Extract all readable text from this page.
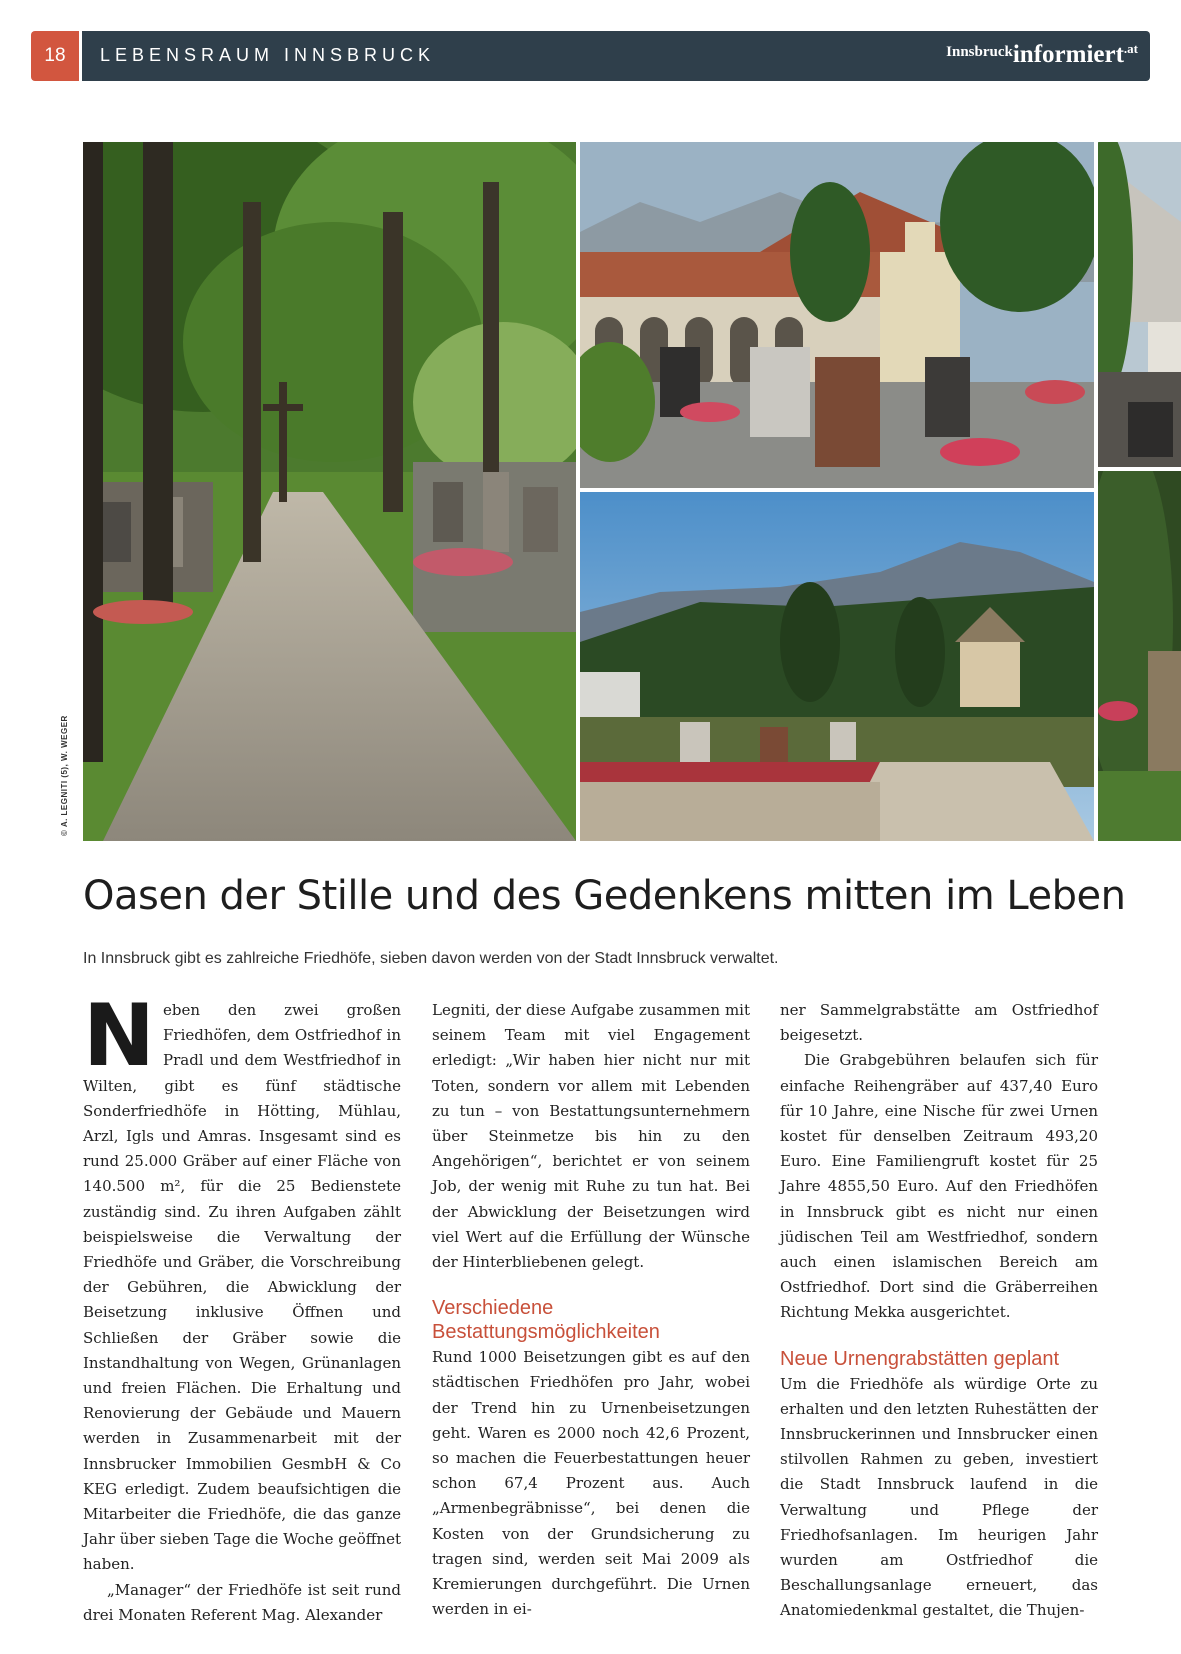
18	LEBENSRAUM INNSBRUCK	Innsbruckinformiert$^{.at}$
© A. LEGNITI (5), W. WEGER
Oasen der Stille und des Gedenkens mitten im Leben

In Innsbruck gibt es zahlreiche Friedhöfe, sieben davon werden von der Stadt Innsbruck verwaltet.

Neben den zwei großen Friedhöfen, dem Ostfriedhof in Pradl und dem Westfriedhof in Wilten, gibt es fünf städtische Sonderfriedhöfe in Hötting, Mühlau, Arzl, Igls und Amras. Insgesamt sind es rund 25.000 Gräber auf einer Fläche von 140.500 m², für die 25 Bedienstete zuständig sind. Zu ihren Aufgaben zählt beispielsweise die Verwaltung der Friedhöfe und Gräber, die Vorschreibung der Gebühren, die Abwicklung der Beisetzung inklusive Öffnen und Schließen der Gräber sowie die Instandhaltung von Wegen, Grünanlagen und freien Flächen. Die Erhaltung und Renovierung der Gebäude und Mauern werden in Zusammenarbeit mit der Innsbrucker Immobilien GesmbH & Co KEG erledigt. Zudem beaufsichtigen die Mitarbeiter die Friedhöfe, die das ganze Jahr über sieben Tage die Woche geöffnet haben.

„Manager“ der Friedhöfe ist seit rund drei Monaten Referent Mag. Alexander

Legniti, der diese Aufgabe zusammen mit seinem Team mit viel Engagement erledigt: „Wir haben hier nicht nur mit Toten, sondern vor allem mit Lebenden zu tun – von Bestattungsunternehmern über Steinmetze bis hin zu den Angehörigen“, berichtet er von seinem Job, der wenig mit Ruhe zu tun hat. Bei der Abwicklung der Beisetzungen wird viel Wert auf die Erfüllung der Wünsche der Hinterbliebenen gelegt.

Verschiedene Bestattungsmöglichkeiten

Rund 1000 Beisetzungen gibt es auf den städtischen Friedhöfen pro Jahr, wobei der Trend hin zu Urnenbeisetzungen geht. Waren es 2000 noch 42,6 Prozent, so machen die Feuerbestattungen heuer schon 67,4 Prozent aus. Auch „Armenbegräbnisse“, bei denen die Kosten von der Grundsicherung zu tragen sind, werden seit Mai 2009 als Kremierungen durchgeführt. Die Urnen werden in ei-

ner Sammelgrabstätte am Ostfriedhof beigesetzt.

Die Grabgebühren belaufen sich für einfache Reihengräber auf 437,40 Euro für 10 Jahre, eine Nische für zwei Urnen kostet für denselben Zeitraum 493,20 Euro. Eine Familiengruft kostet für 25 Jahre 4855,50 Euro. Auf den Friedhöfen in Innsbruck gibt es nicht nur einen jüdischen Teil am Westfriedhof, sondern auch einen islamischen Bereich am Ostfriedhof. Dort sind die Gräberreihen Richtung Mekka ausgerichtet.

Neue Urnengrabstätten geplant

Um die Friedhöfe als würdige Orte zu erhalten und den letzten Ruhestätten der Innsbruckerinnen und Innsbrucker einen stilvollen Rahmen zu geben, investiert die Stadt Innsbruck laufend in die Verwaltung und Pflege der Friedhofsanlagen. Im heurigen Jahr wurden am Ostfriedhof die Beschallungsanlage erneuert, das Anatomiedenkmal gestaltet, die Thujen-
